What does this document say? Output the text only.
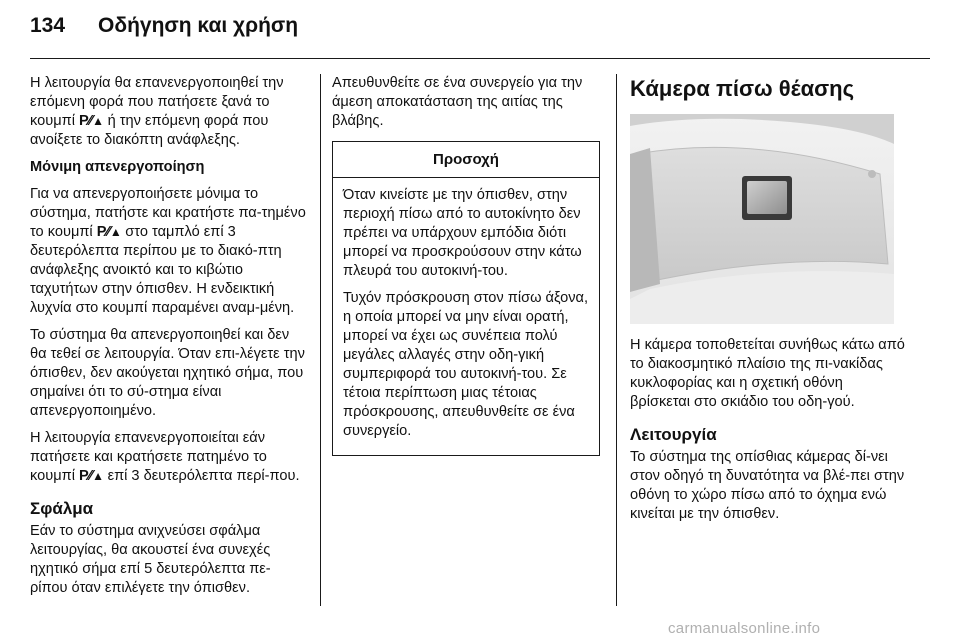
134 Οδήγηση και χρήση

Η λειτουργία θα επανενεργοποιηθεί την επόμενη φορά που πατήσετε ξανά το κουμπί P⁄⁄▲ ή την επόμενη φορά που ανοίξετε το διακόπτη ανάφλεξης.

Μόνιμη απενεργοποίηση

Για να απενεργοποιήσετε μόνιμα το σύστημα, πατήστε και κρατήστε πα-τημένο το κουμπί P⁄⁄▲ στο ταμπλό επί 3 δευτερόλεπτα περίπου με το διακό-πτη ανάφλεξης ανοικτό και το κιβώτιο ταχυτήτων στην όπισθεν. Η ενδεικτική λυχνία στο κουμπί παραμένει αναμ-μένη.

Το σύστημα θα απενεργοποιηθεί και δεν θα τεθεί σε λειτουργία. Όταν επι-λέγετε την όπισθεν, δεν ακούγεται ηχητικό σήμα, που σημαίνει ότι το σύ-στημα είναι απενεργοποιημένο.

Η λειτουργία επανενεργοποιείται εάν πατήσετε και κρατήσετε πατημένο το κουμπί P⁄⁄▲ επί 3 δευτερόλεπτα περί-που.

Σφάλμα

Εάν το σύστημα ανιχνεύσει σφάλμα λειτουργίας, θα ακουστεί ένα συνεχές ηχητικό σήμα επί 5 δευτερόλεπτα πε-ρίπου όταν επιλέγετε την όπισθεν.

Απευθυνθείτε σε ένα συνεργείο για την άμεση αποκατάσταση της αιτίας της βλάβης.

Προσοχή

Όταν κινείστε με την όπισθεν, στην περιοχή πίσω από το αυτοκίνητο δεν πρέπει να υπάρχουν εμπόδια διότι μπορεί να προσκρούσουν στην κάτω πλευρά του αυτοκινή-του.

Τυχόν πρόσκρουση στον πίσω άξονα, η οποία μπορεί να μην είναι ορατή, μπορεί να έχει ως συνέπεια πολύ μεγάλες αλλαγές στην οδη-γική συμπεριφορά του αυτοκινή-του. Σε τέτοια περίπτωση μιας τέτοιας πρόσκρουσης, απευθυνθείτε σε ένα συνεργείο.

Κάμερα πίσω θέασης

Η κάμερα τοποθετείται συνήθως κάτω από το διακοσμητικό πλαίσιο της πι-νακίδας κυκλοφορίας και η σχετική οθόνη βρίσκεται στο σκιάδιο του οδη-γού.

Λειτουργία

Το σύστημα της οπίσθιας κάμερας δί-νει στον οδηγό τη δυνατότητα να βλέ-πει στην οθόνη το χώρο πίσω από το όχημα ενώ κινείται με την όπισθεν.

carmanualsonline.info
